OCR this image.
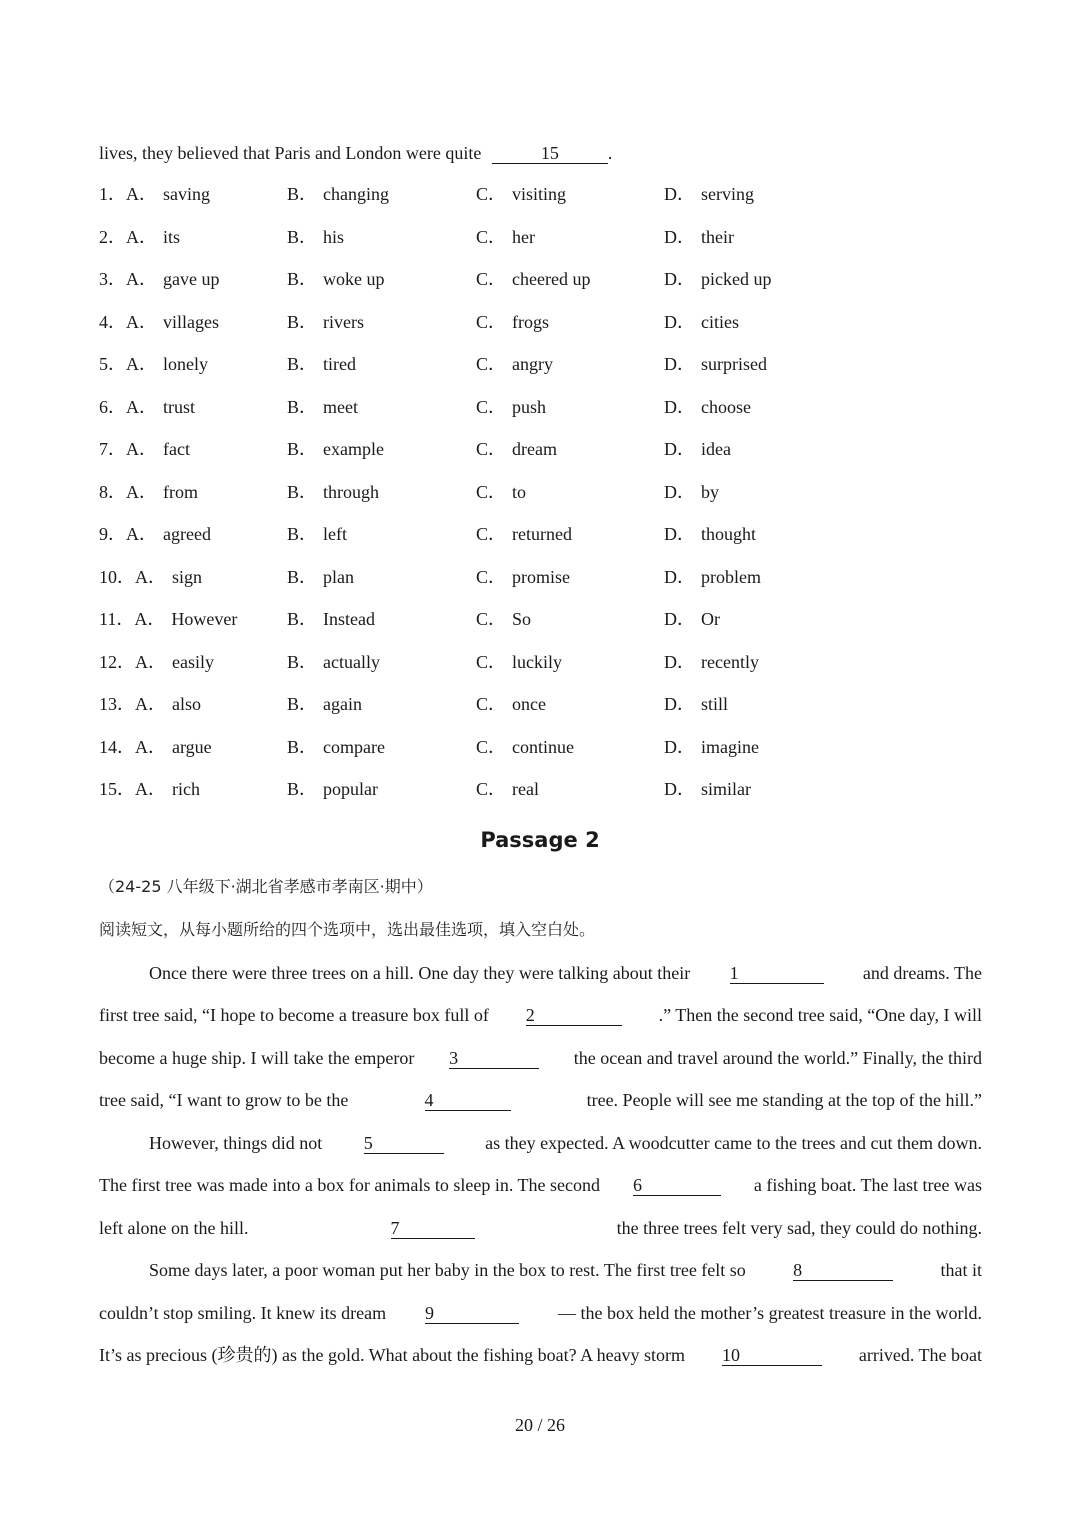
lives, they believed that Paris and London were quite	15	.
1．A． saving	B． changing	C． visiting	D． serving
2．A． its	B． his	C． her	D． their
3．A． gave up	B． woke up	C． cheered up	D． picked up
4．A． villages	B． rivers	C． frogs	D． cities
5．A． lonely	B． tired	C． angry	D． surprised
6．A． trust	B． meet	C． push	D． choose
7．A． fact	B． example	C． dream	D． idea
8．A． from	B． through	C． to	D． by
9．A． agreed	B． left	C． returned	D． thought
10．A． sign	B． plan	C． promise	D． problem
11．A． However	B． Instead	C． So	D． Or
12．A． easily	B． actually	C． luckily	D． recently
13．A． also	B． again	C． once	D． still
14．A． argue	B． compare	C． continue	D． imagine
15．A． rich	B． popular	C． real	D． similar
Passage 2
（24-25 八年级下·湖北省孝感市孝南区·期中）
阅读短文，从每小题所给的四个选项中，选出最佳选项，填入空白处。
Once there were three trees on a hill. One day they were talking about their 1	and dreams. The
first tree said, “I hope to become a treasure box full of 2	.” Then the second tree said, “One day, I will
become a huge ship. I will take the emperor 3	the ocean and travel around the world.” Finally, the third
tree said, “I want to grow to be the	4	tree. People will see me standing at the top of the hill.”
However, things did not 5	as they expected. A woodcutter came to the trees and cut them down.
The first tree was made into a box for animals to sleep in. The second 6	a fishing boat. The last tree was
left alone on the hill.	7	the three trees felt very sad, they could do nothing.
Some days later, a poor woman put her baby in the box to rest. The first tree felt so	8	that it
couldn’t stop smiling. It knew its dream 9	— the box held the mother’s greatest treasure in the world.
It’s as precious (珍贵的) as the gold. What about the fishing boat? A heavy storm 10	arrived. The boat
20 / 26
